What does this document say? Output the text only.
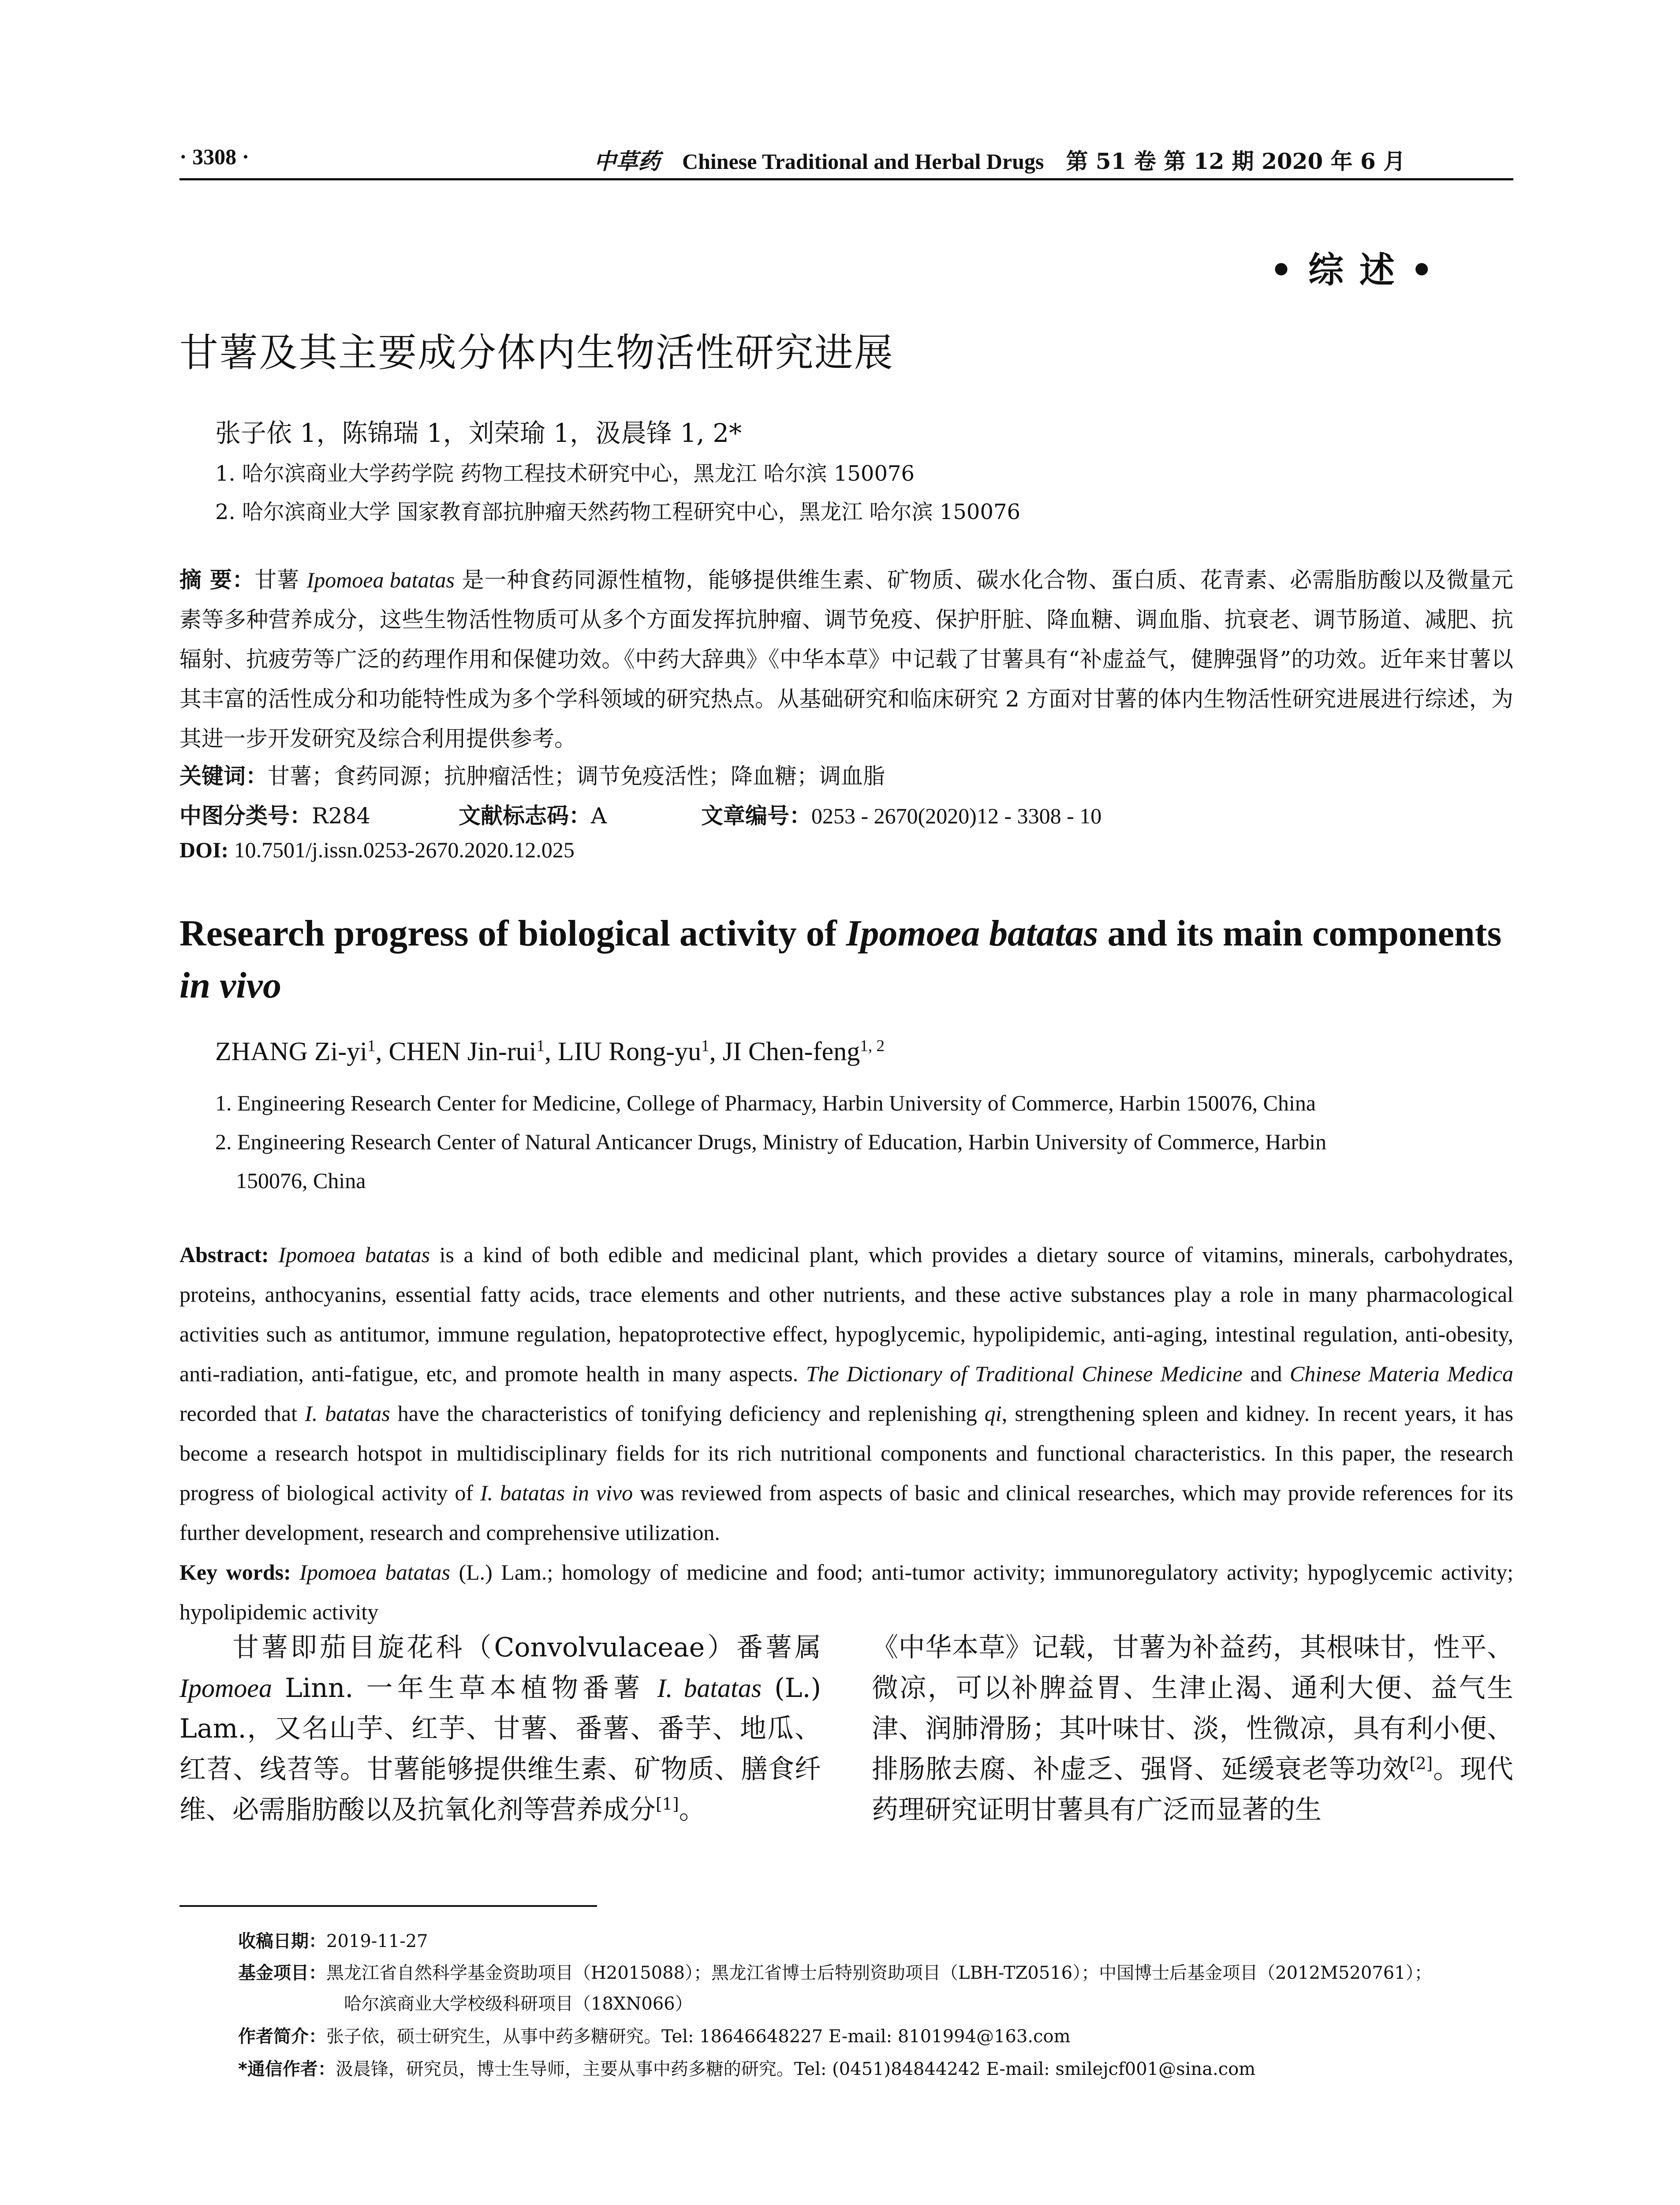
· 3308 ·	中草药 Chinese Traditional and Herbal Drugs 第 51 卷 第 12 期 2020 年 6 月
• 综 述 •
甘薯及其主要成分体内生物活性研究进展
张子依 1，陈锦瑞 1，刘荣瑜 1，汲晨锋 1, 2*
1. 哈尔滨商业大学药学院 药物工程技术研究中心，黑龙江 哈尔滨 150076
2. 哈尔滨商业大学 国家教育部抗肿瘤天然药物工程研究中心，黑龙江 哈尔滨 150076
摘 要：甘薯 Ipomoea batatas 是一种食药同源性植物，能够提供维生素、矿物质、碳水化合物、蛋白质、花青素、必需脂肪酸以及微量元素等多种营养成分，这些生物活性物质可从多个方面发挥抗肿瘤、调节免疫、保护肝脏、降血糖、调血脂、抗衰老、调节肠道、减肥、抗辐射、抗疲劳等广泛的药理作用和保健功效。《中药大辞典》《中华本草》中记载了甘薯具有“补虚益气，健脾强肾”的功效。近年来甘薯以其丰富的活性成分和功能特性成为多个学科领域的研究热点。从基础研究和临床研究 2 方面对甘薯的体内生物活性研究进展进行综述，为其进一步开发研究及综合利用提供参考。
关键词：甘薯；食药同源；抗肿瘤活性；调节免疫活性；降血糖；调血脂
中图分类号：R284	文献标志码：A	文章编号：0253 - 2670(2020)12 - 3308 - 10
DOI: 10.7501/j.issn.0253-2670.2020.12.025
Research progress of biological activity of Ipomoea batatas and its main components in vivo
ZHANG $Zi-yi^1$, CHEN Jin-rui$^1$, LIU Rong-$yu^1$, JI Chen-feng$^{1, 2}$
1. Engineering Research Center for Medicine, College of Pharmacy, Harbin University of Commerce, Harbin 150076, China
2. Engineering Research Center of Natural Anticancer Drugs, Ministry of Education, Harbin University of Commerce, Harbin
150076, China
Abstract: Ipomoea batatas is a kind of both edible and medicinal plant, which provides a dietary source of vitamins, minerals, carbohydrates, proteins, anthocyanins, essential fatty acids, trace elements and other nutrients, and these active substances play a role in many pharmacological activities such as antitumor, immune regulation, hepatoprotective effect, hypoglycemic, hypolipidemic, anti-aging, intestinal regulation, anti-obesity, anti-radiation, anti-fatigue, etc, and promote health in many aspects. The Dictionary of Traditional Chinese Medicine and Chinese Materia Medica recorded that I. batatas have the characteristics of tonifying deficiency and replenishing qi, strengthening spleen and kidney. In recent years, it has become a research hotspot in multidisciplinary fields for its rich nutritional components and functional characteristics. In this paper, the research progress of biological activity of I. batatas in vivo was reviewed from aspects of basic and clinical researches, which may provide references for its further development, research and comprehensive utilization.
Key words: Ipomoea batatas (L.) Lam.; homology of medicine and food; anti-tumor activity; immunoregulatory activity; hypoglycemic activity; hypolipidemic activity
甘薯即茄目旋花科（Convolvulaceae）番薯属 Ipomoea Linn. 一年生草本植物番薯 I. batatas (L.) Lam.，又名山芋、红芋、甘薯、番薯、番芋、地瓜、红苕、线苕等。甘薯能够提供维生素、矿物质、膳食纤维、必需脂肪酸以及抗氧化剂等营养成分[1]。
《中华本草》记载，甘薯为补益药，其根味甘，性平、微凉，可以补脾益胃、生津止渴、通利大便、益气生津、润肺滑肠；其叶味甘、淡，性微凉，具有利小便、排肠脓去腐、补虚乏、强肾、延缓衰老等功效[2]。现代药理研究证明甘薯具有广泛而显著的生
收稿日期：2019-11-27
基金项目：黑龙江省自然科学基金资助项目（H2015088）；黑龙江省博士后特别资助项目（LBH-TZ0516）；中国博士后基金项目（2012M520761）；
哈尔滨商业大学校级科研项目（18XN066）
作者简介：张子依，硕士研究生，从事中药多糖研究。Tel: 18646648227 E-mail: 8101994@163.com
*通信作者：汲晨锋，研究员，博士生导师，主要从事中药多糖的研究。Tel: (0451)84844242 E-mail: smilejcf001@sina.com
